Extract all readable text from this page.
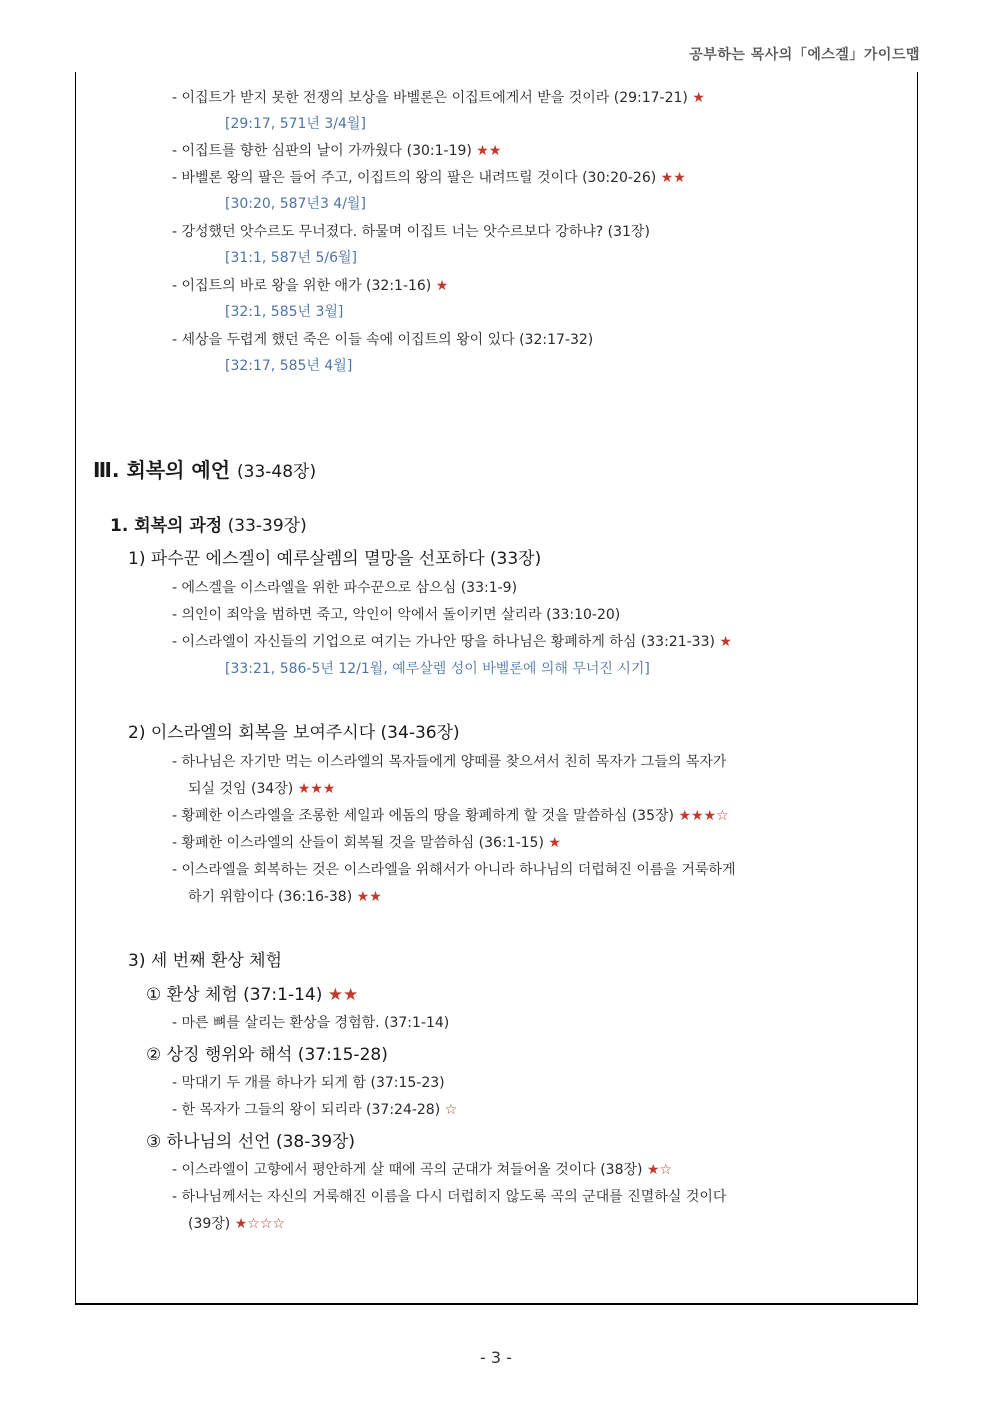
공부하는 목사의「에스겔」가이드맵
- 이집트가 받지 못한 전쟁의 보상을 바벨론은 이집트에게서 받을 것이라 (29:17-21) ★
[29:17, 571년 3/4월]
- 이집트를 향한 심판의 날이 가까웠다 (30:1-19) ★★
- 바벨론 왕의 팔은 들어 주고, 이집트의 왕의 팔은 내려뜨릴 것이다 (30:20-26) ★★
[30:20, 587년3 4/월]
- 강성했던 앗수르도 무너졌다. 하물며 이집트 너는 앗수르보다 강하냐? (31장)
[31:1, 587년 5/6월]
- 이집트의 바로 왕을 위한 애가 (32:1-16) ★
[32:1, 585년 3월]
- 세상을 두렵게 했던 죽은 이들 속에 이집트의 왕이 있다 (32:17-32)
[32:17, 585년 4월]
Ⅲ. 회복의 예언 (33-48장)
1. 회복의 과정 (33-39장)
1) 파수꾼 에스겔이 예루살렘의 멸망을 선포하다 (33장)
- 에스겔을 이스라엘을 위한 파수꾼으로 삼으심 (33:1-9)
- 의인이 죄악을 범하면 죽고, 악인이 악에서 돌이키면 살리라 (33:10-20)
- 이스라엘이 자신들의 기업으로 여기는 가나안 땅을 하나님은 황폐하게 하심 (33:21-33) ★
[33:21, 586-5년 12/1월, 예루살렘 성이 바벨론에 의해 무너진 시기]
2) 이스라엘의 회복을 보여주시다 (34-36장)
- 하나님은 자기만 먹는 이스라엘의 목자들에게 양떼를 찾으셔서 친히 목자가 그들의 목자가
되실 것임 (34장) ★★★
- 황폐한 이스라엘을 조롱한 세일과 에돔의 땅을 황폐하게 할 것을 말씀하심 (35장) ★★★☆
- 황폐한 이스라엘의 산들이 회복될 것을 말씀하심 (36:1-15) ★
- 이스라엘을 회복하는 것은 이스라엘을 위해서가 아니라 하나님의 더럽혀진 이름을 거룩하게
하기 위함이다 (36:16-38) ★★
3) 세 번째 환상 체험
① 환상 체험 (37:1-14) ★★
- 마른 뼈를 살리는 환상을 경험함. (37:1-14)
② 상징 행위와 해석 (37:15-28)
- 막대기 두 개를 하나가 되게 함 (37:15-23)
- 한 목자가 그들의 왕이 되리라 (37:24-28) ☆
③ 하나님의 선언 (38-39장)
- 이스라엘이 고향에서 평안하게 살 때에 곡의 군대가 쳐들어올 것이다 (38장) ★☆
- 하나님께서는 자신의 거룩해진 이름을 다시 더럽히지 않도록 곡의 군대를 진멸하실 것이다
(39장) ★☆☆☆
- 3 -
